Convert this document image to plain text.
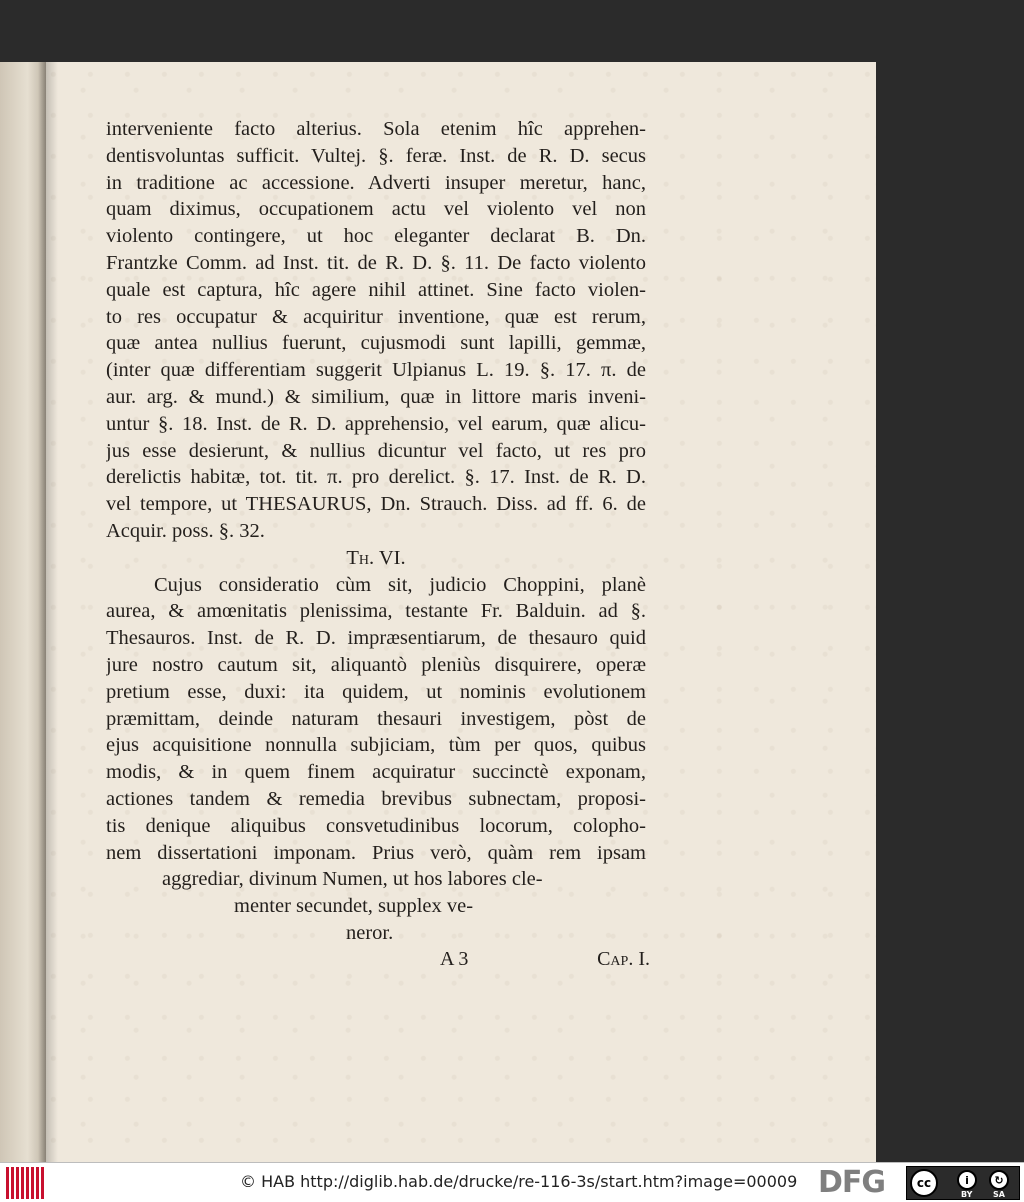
interveniente facto alterius. Sola etenim hîc apprehen-
dentisvoluntas sufficit. Vultej. §. feræ. Inst. de R. D. secus
in traditione ac accessione. Adverti insuper meretur, hanc,
quam diximus, occupationem actu vel violento vel non
violento contingere, ut hoc eleganter declarat B. Dn.
Frantzke Comm. ad Inst. tit. de R. D. §. 11. De facto violento
quale est captura, hîc agere nihil attinet. Sine facto violen-
to res occupatur & acquiritur inventione, quæ est rerum,
quæ antea nullius fuerunt, cujusmodi sunt lapilli, gemmæ,
(inter quæ differentiam suggerit Ulpianus L. 19. §. 17. π. de
aur. arg. & mund.) & similium, quæ in littore maris inveni-
untur §. 18. Inst. de R. D. apprehensio, vel earum, quæ alicu-
jus esse desierunt, & nullius dicuntur vel facto, ut res pro
derelictis habitæ, tot. tit. π. pro derelict. §. 17. Inst. de R. D.
vel tempore, ut THESAURUS, Dn. Strauch. Diss. ad ff. 6. de
Acquir. poss. §. 32.
Th. VI.
Cujus consideratio cùm sit, judicio Choppini, planè
aurea, & amœnitatis plenissima, testante Fr. Balduin. ad §.
Thesauros. Inst. de R. D. impræsentiarum, de thesauro quid
jure nostro cautum sit, aliquantò pleniùs disquirere, operæ
pretium esse, duxi: ita quidem, ut nominis evolutionem
præmittam, deinde naturam thesauri investigem, pòst de
ejus acquisitione nonnulla subjiciam, tùm per quos, quibus
modis, & in quem finem acquiratur succinctè exponam,
actiones tandem & remedia brevibus subnectam, proposi-
tis denique aliquibus consvetudinibus locorum, colopho-
nem dissertationi imponam. Prius verò, quàm rem ipsam
aggrediar, divinum Numen, ut hos labores cle-
menter secundet, supplex ve-
neror.
A 3	Cap. I.
© HAB http://diglib.hab.de/drucke/re-116-3s/start.htm?image=00009 DFG	cc	i	↻
BY	SA
